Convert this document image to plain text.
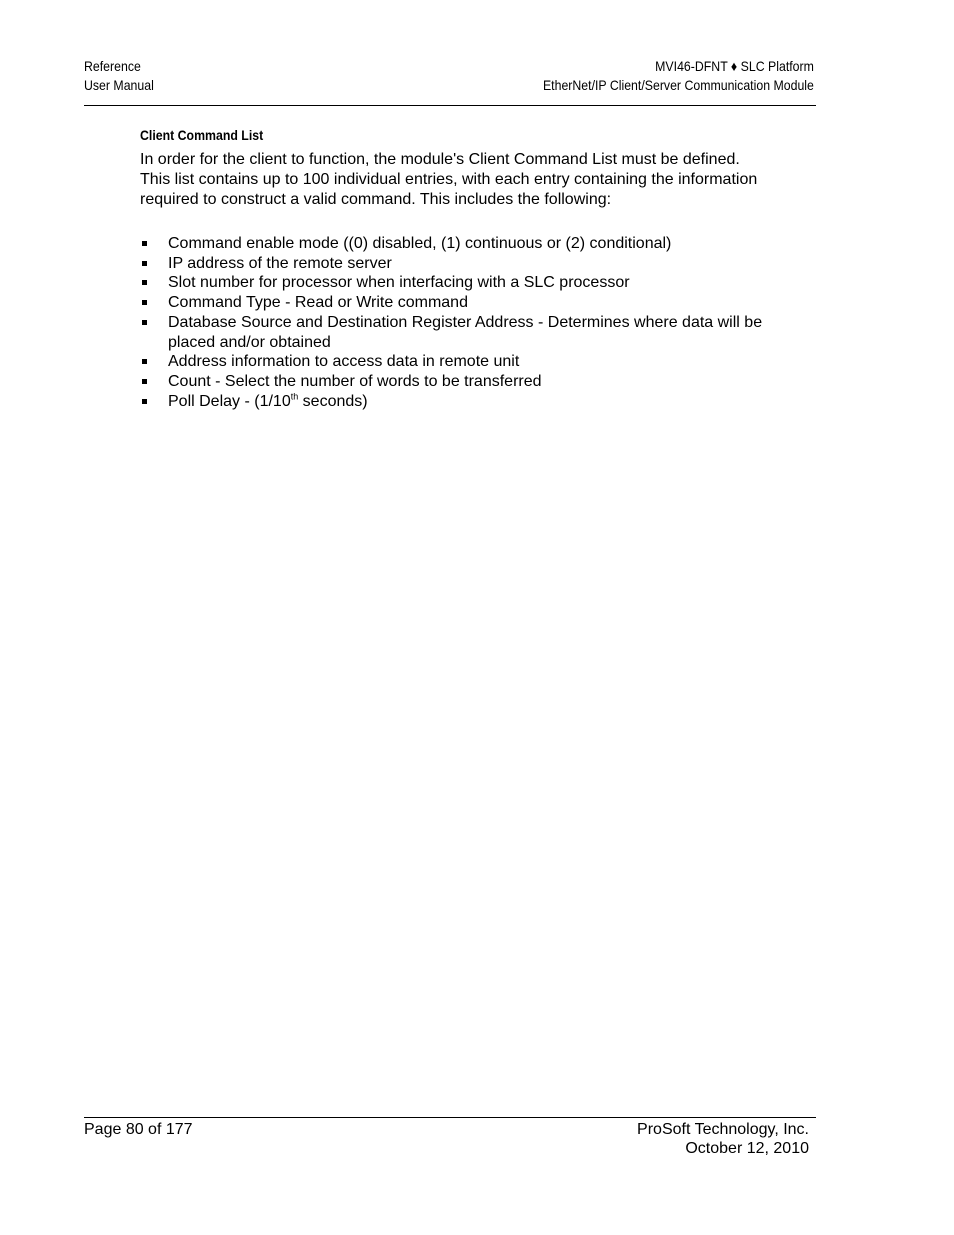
Reference
User Manual
MVI46-DFNT ♦ SLC Platform
EtherNet/IP Client/Server Communication Module
Client Command List
In order for the client to function, the module's Client Command List must be defined. This list contains up to 100 individual entries, with each entry containing the information required to construct a valid command. This includes the following:
Command enable mode ((0) disabled, (1) continuous or (2) conditional)
IP address of the remote server
Slot number for processor when interfacing with a SLC processor
Command Type - Read or Write command
Database Source and Destination Register Address - Determines where data will be placed and/or obtained
Address information to access data in remote unit
Count - Select the number of words to be transferred
Poll Delay - (1/10th seconds)
Page 80 of 177	ProSoft Technology, Inc.
October 12, 2010
